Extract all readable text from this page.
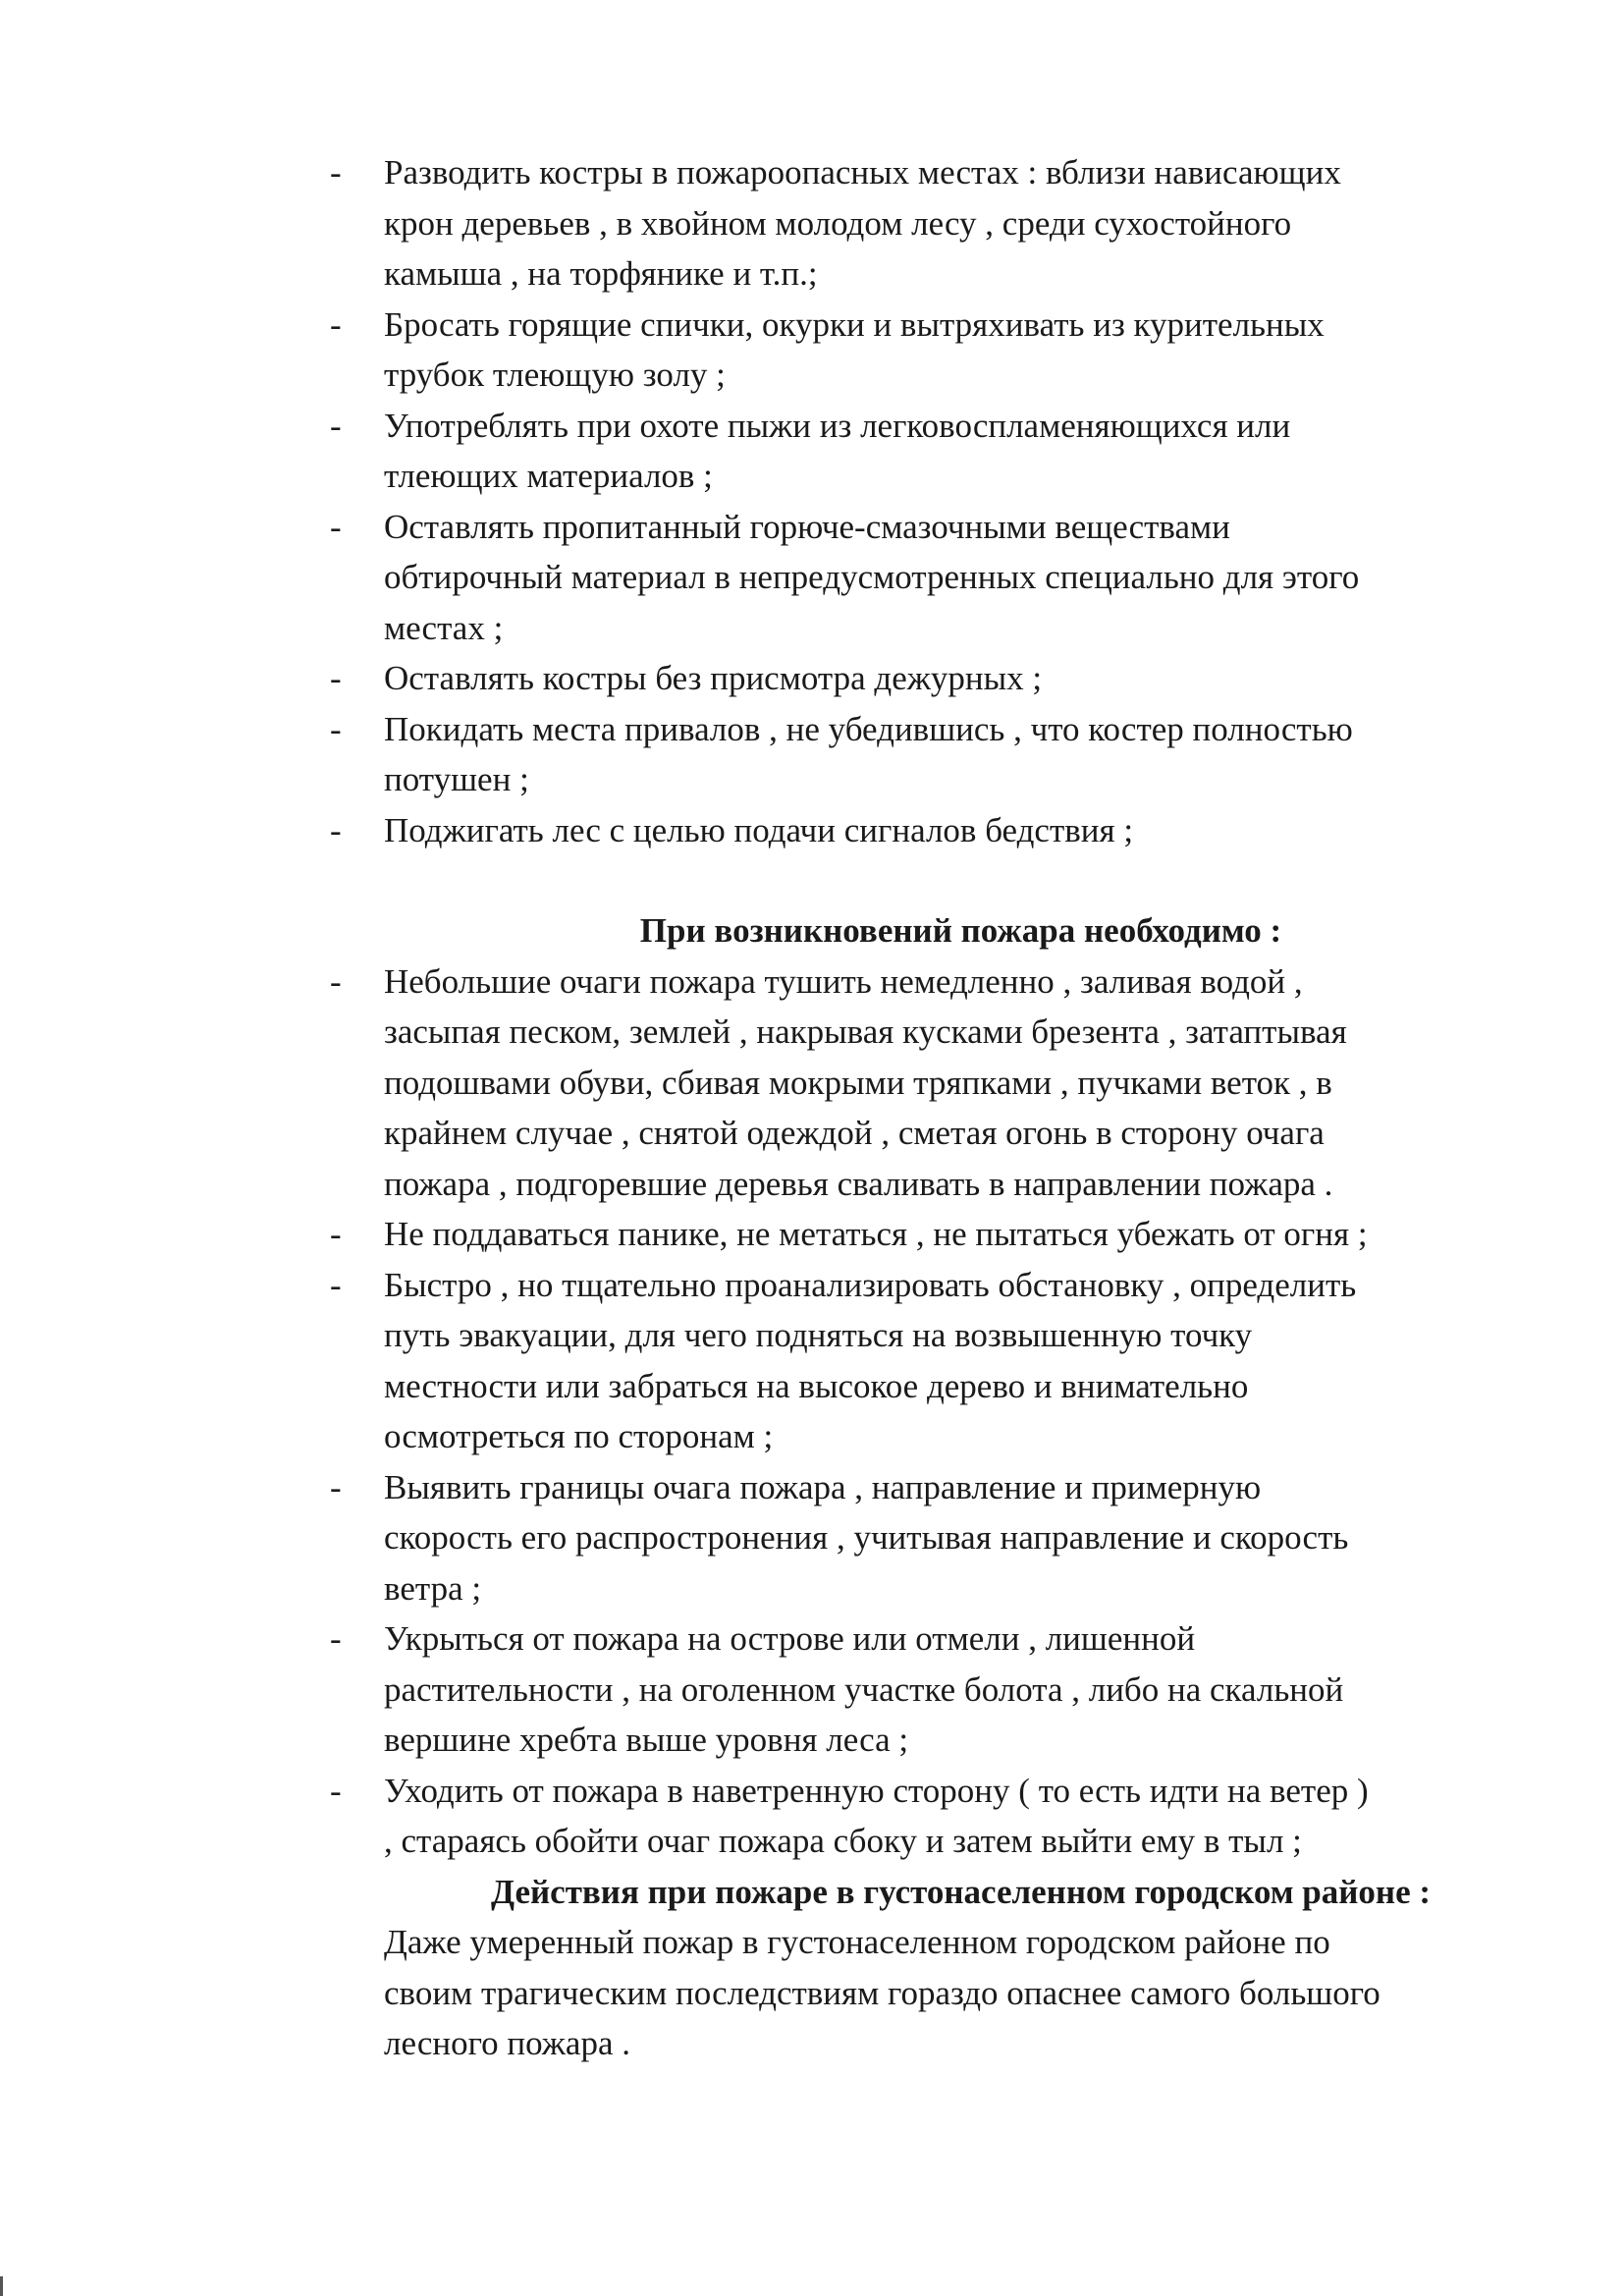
-	Разводить костры в пожароопасных местах : вблизи нависающих
крон деревьев , в хвойном молодом лесу , среди сухостойного
камыша , на торфянике и т.п.;
-	Бросать горящие спички, окурки и вытряхивать из курительных
трубок тлеющую золу ;
-	Употреблять при охоте пыжи из легковоспламеняющихся или
тлеющих материалов ;
-	Оставлять пропитанный горюче-смазочными веществами
обтирочный материал в непредусмотренных специально для этого
местах ;
-	Оставлять костры без присмотра дежурных ;
-	Покидать места привалов , не убедившись , что костер полностью
потушен ;
-	Поджигать лес с целью подачи сигналов бедствия ;
При возникновений пожара необходимо :
-	Небольшие очаги пожара тушить немедленно , заливая водой ,
засыпая песком, землей , накрывая кусками брезента , затаптывая
подошвами обуви, сбивая мокрыми тряпками , пучками веток , в
крайнем случае , снятой одеждой , сметая огонь в сторону очага
пожара , подгоревшие деревья сваливать в направлении пожара .
-	Не поддаваться панике, не метаться , не пытаться убежать от огня ;
-	Быстро , но тщательно проанализировать обстановку , определить
путь эвакуации, для чего подняться на возвышенную точку
местности или забраться на высокое дерево и внимательно
осмотреться по сторонам ;
-	Выявить границы очага пожара , направление и примерную
скорость его распростронения , учитывая направление и скорость
ветра ;
-	Укрыться от пожара на острове или отмели , лишенной
растительности , на оголенном участке болота , либо на скальной
вершине хребта выше уровня леса ;
-	Уходить от пожара в наветренную сторону ( то есть идти на ветер )
, стараясь обойти очаг пожара сбоку и затем выйти ему в тыл ;
Действия при пожаре в густонаселенном городском районе :
Даже умеренный пожар в густонаселенном городском районе по
своим трагическим последствиям гораздо опаснее самого большого
лесного пожара .
